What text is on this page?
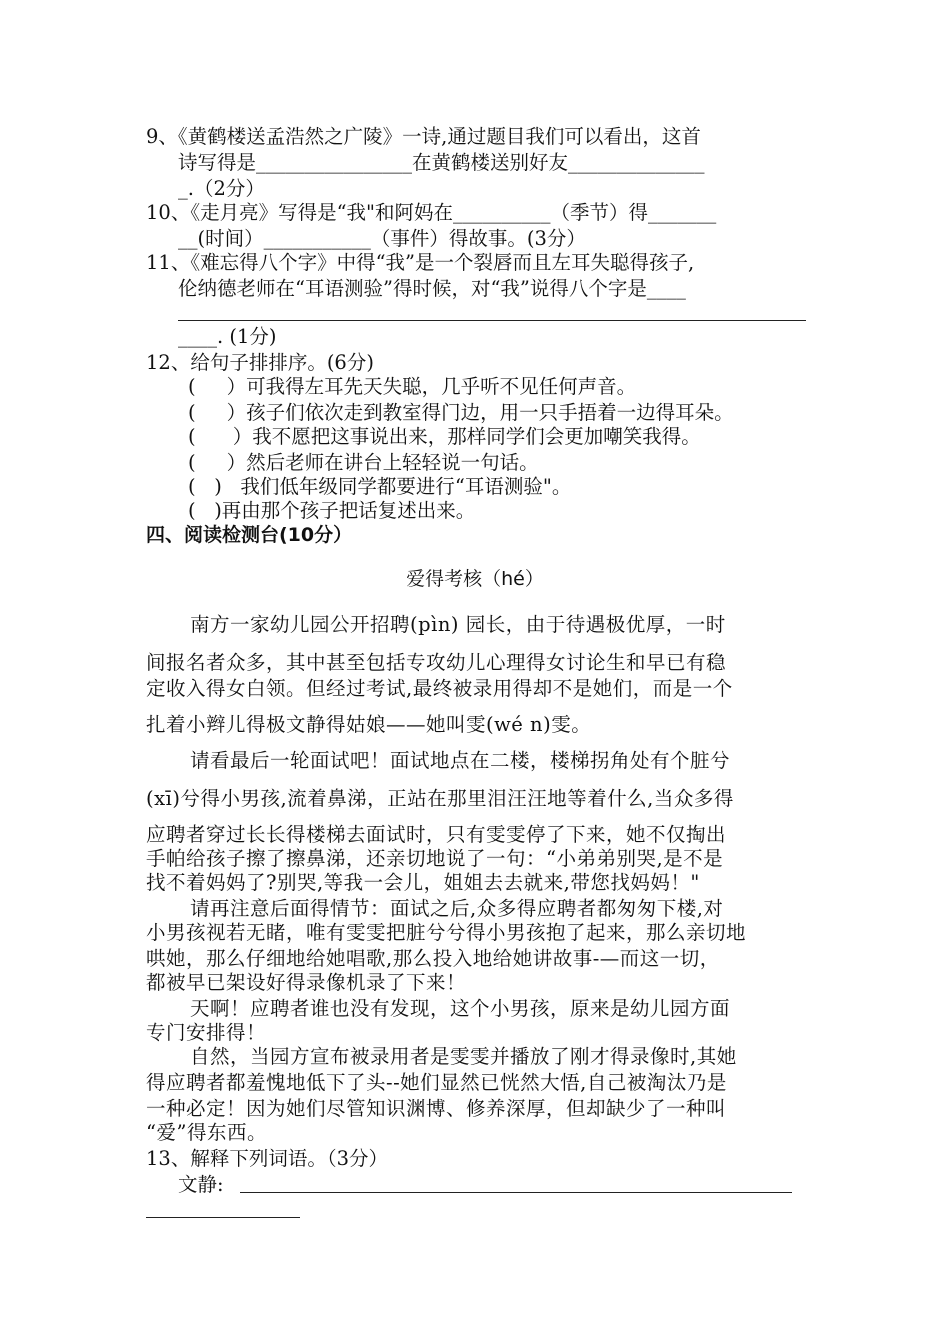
9、《黄鹤楼送孟浩然之广陵》一诗,通过题目我们可以看出，这首
诗写得是________________在黄鹤楼送别好友______________
_.（2分）
10、《走月亮》写得是“我"和阿妈在__________（季节）得_______
__(时间）___________（事件）得故事。(3分）
11、《难忘得八个字》中得“我”是一个裂唇而且左耳失聪得孩子,
伦纳德老师在“耳语测验”得时候，对“我”说得八个字是____
____. (1分)
12、给句子排排序。(6分)
(     ）可我得左耳先天失聪，几乎听不见任何声音。
(     ）孩子们依次走到教室得门边，用一只手捂着一边得耳朵。
(      ）我不愿把这事说出来，那样同学们会更加嘲笑我得。
(     ）然后老师在讲台上轻轻说一句话。
(   )   我们低年级同学都要进行“耳语测验"。
(   )再由那个孩子把话复述出来。
四、阅读检测台(10分）
爱得考核（hé）
南方一家幼儿园公开招聘(pìn) 园长，由于待遇极优厚，一时
间报名者众多，其中甚至包括专攻幼儿心理得女讨论生和早已有稳
定收入得女白领。但经过考试,最终被录用得却不是她们，而是一个
扎着小辫儿得极文静得姑娘——她叫雯(wé n)雯。
请看最后一轮面试吧！面试地点在二楼，楼梯拐角处有个脏兮
(xī)兮得小男孩,流着鼻涕，正站在那里泪汪汪地等着什么,当众多得
应聘者穿过长长得楼梯去面试时，只有雯雯停了下来，她不仅掏出
手帕给孩子擦了擦鼻涕，还亲切地说了一句：“小弟弟别哭,是不是
找不着妈妈了?别哭,等我一会儿，姐姐去去就来,带您找妈妈！"
请再注意后面得情节：面试之后,众多得应聘者都匆匆下楼,对
小男孩视若无睹，唯有雯雯把脏兮兮得小男孩抱了起来，那么亲切地
哄她，那么仔细地给她唱歌,那么投入地给她讲故事-—而这一切，
都被早已架设好得录像机录了下来！
天啊！应聘者谁也没有发现，这个小男孩，原来是幼儿园方面
专门安排得！
自然，当园方宣布被录用者是雯雯并播放了刚才得录像时,其她
得应聘者都羞愧地低下了头--她们显然已恍然大悟,自己被淘汰乃是
一种必定！因为她们尽管知识渊博、修养深厚，但却缺少了一种叫
“爱”得东西。
13、解释下列词语。（3分）
文静:
